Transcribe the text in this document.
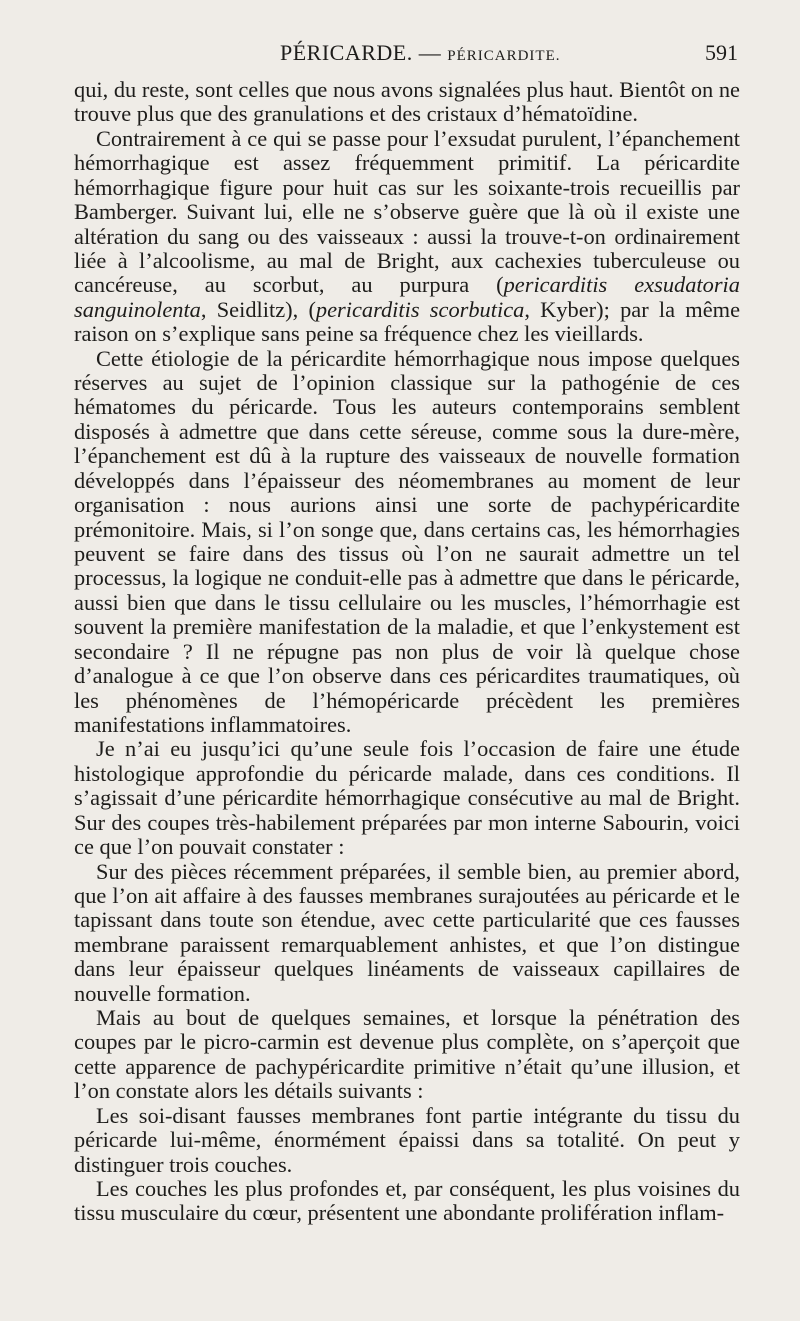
PÉRICARDE. — PÉRICARDITE.	591

qui, du reste, sont celles que nous avons signalées plus haut. Bientôt on ne trouve plus que des granulations et des cristaux d’hématoïdine.

Contrairement à ce qui se passe pour l’exsudat purulent, l’épanchement hémorrhagique est assez fréquemment primitif. La péricardite hémorrhagique figure pour huit cas sur les soixante-trois recueillis par Bamberger. Suivant lui, elle ne s’observe guère que là où il existe une altération du sang ou des vaisseaux : aussi la trouve-t-on ordinairement liée à l’alcoolisme, au mal de Bright, aux cachexies tuberculeuse ou cancéreuse, au scorbut, au purpura (pericarditis exsudatoria sanguinolenta, Seidlitz), (pericarditis scorbutica, Kyber); par la même raison on s’explique sans peine sa fréquence chez les vieillards.

Cette étiologie de la péricardite hémorrhagique nous impose quelques réserves au sujet de l’opinion classique sur la pathogénie de ces hématomes du péricarde. Tous les auteurs contemporains semblent disposés à admettre que dans cette séreuse, comme sous la dure-mère, l’épanchement est dû à la rupture des vaisseaux de nouvelle formation développés dans l’épaisseur des néomembranes au moment de leur organisation : nous aurions ainsi une sorte de pachypéricardite prémonitoire. Mais, si l’on songe que, dans certains cas, les hémorrhagies peuvent se faire dans des tissus où l’on ne saurait admettre un tel processus, la logique ne conduit-elle pas à admettre que dans le péricarde, aussi bien que dans le tissu cellulaire ou les muscles, l’hémorrhagie est souvent la première manifestation de la maladie, et que l’enkystement est secondaire ? Il ne répugne pas non plus de voir là quelque chose d’analogue à ce que l’on observe dans ces péricardites traumatiques, où les phénomènes de l’hémopéricarde précèdent les premières manifestations inflammatoires.

Je n’ai eu jusqu’ici qu’une seule fois l’occasion de faire une étude histologique approfondie du péricarde malade, dans ces conditions. Il s’agissait d’une péricardite hémorrhagique consécutive au mal de Bright. Sur des coupes très-habilement préparées par mon interne Sabourin, voici ce que l’on pouvait constater :

Sur des pièces récemment préparées, il semble bien, au premier abord, que l’on ait affaire à des fausses membranes surajoutées au péricarde et le tapissant dans toute son étendue, avec cette particularité que ces fausses membrane paraissent remarquablement anhistes, et que l’on distingue dans leur épaisseur quelques linéaments de vaisseaux capillaires de nouvelle formation.

Mais au bout de quelques semaines, et lorsque la pénétration des coupes par le picro-carmin est devenue plus complète, on s’aperçoit que cette apparence de pachypéricardite primitive n’était qu’une illusion, et l’on constate alors les détails suivants :

Les soi-disant fausses membranes font partie intégrante du tissu du péricarde lui-même, énormément épaissi dans sa totalité. On peut y distinguer trois couches.

Les couches les plus profondes et, par conséquent, les plus voisines du tissu musculaire du cœur, présentent une abondante prolifération inflam-
